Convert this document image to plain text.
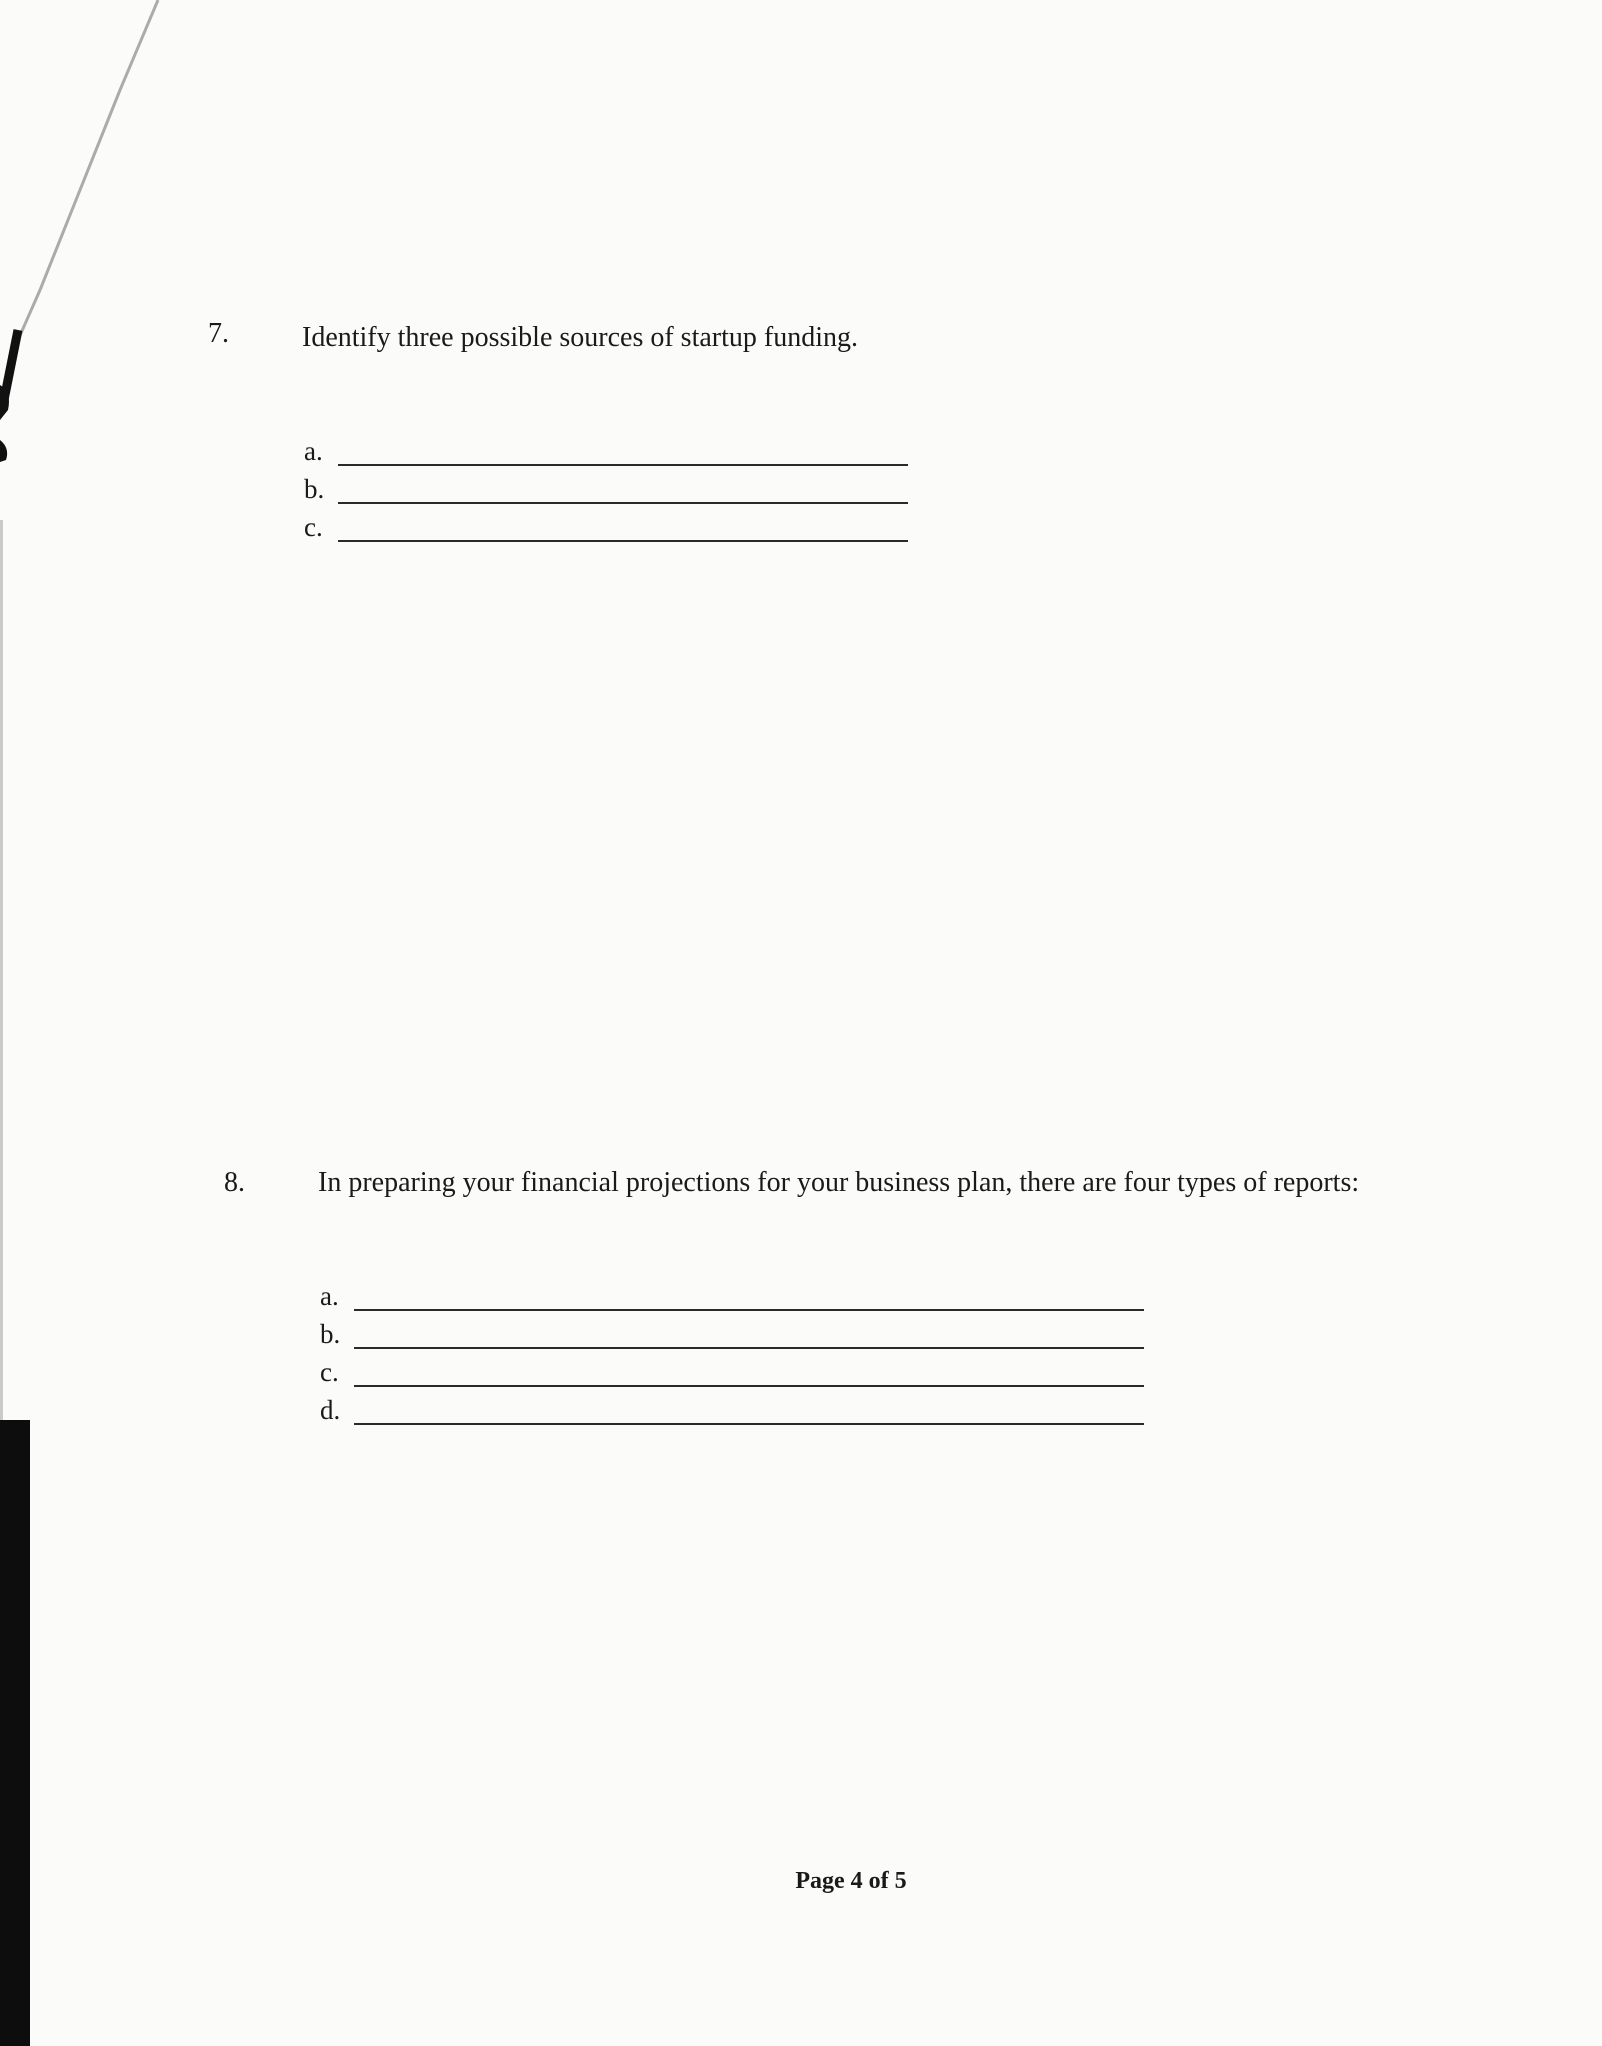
7.	Identify three possible sources of startup funding.
a.
b.
c.
8.	In preparing your financial projections for your business plan, there are four types of reports:
a.
b.
c.
d.
Page 4 of 5
